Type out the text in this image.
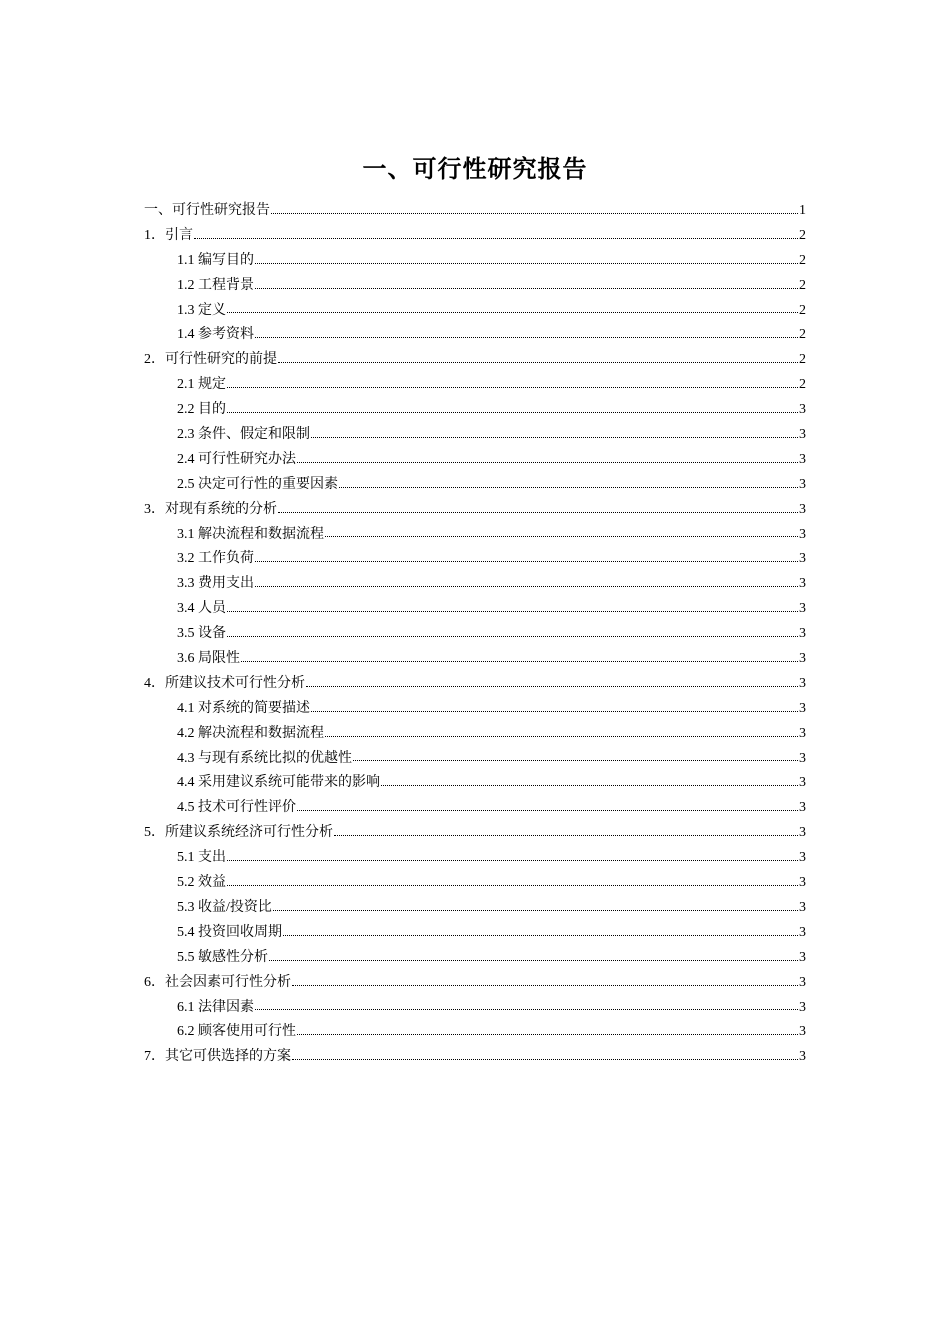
一、可行性研究报告
一、可行性研究报告	1
1．引言	2
1.1 编写目的	2
1.2 工程背景	2
1.3 定义	2
1.4 参考资料	2
2．可行性研究的前提	2
2.1 规定	2
2.2 目的	3
2.3 条件、假定和限制	3
2.4 可行性研究办法	3
2.5 决定可行性的重要因素	3
3．对现有系统的分析	3
3.1 解决流程和数据流程	3
3.2 工作负荷	3
3.3 费用支出	3
3.4 人员	3
3.5 设备	3
3.6 局限性	3
4．所建议技术可行性分析	3
4.1 对系统的简要描述	3
4.2 解决流程和数据流程	3
4.3 与现有系统比拟的优越性	3
4.4 采用建议系统可能带来的影响	3
4.5 技术可行性评价	3
5．所建议系统经济可行性分析	3
5.1 支出	3
5.2 效益	3
5.3 收益/投资比	3
5.4 投资回收周期	3
5.5 敏感性分析	3
6．社会因素可行性分析	3
6.1 法律因素	3
6.2 顾客使用可行性	3
7．其它可供选择的方案	3
